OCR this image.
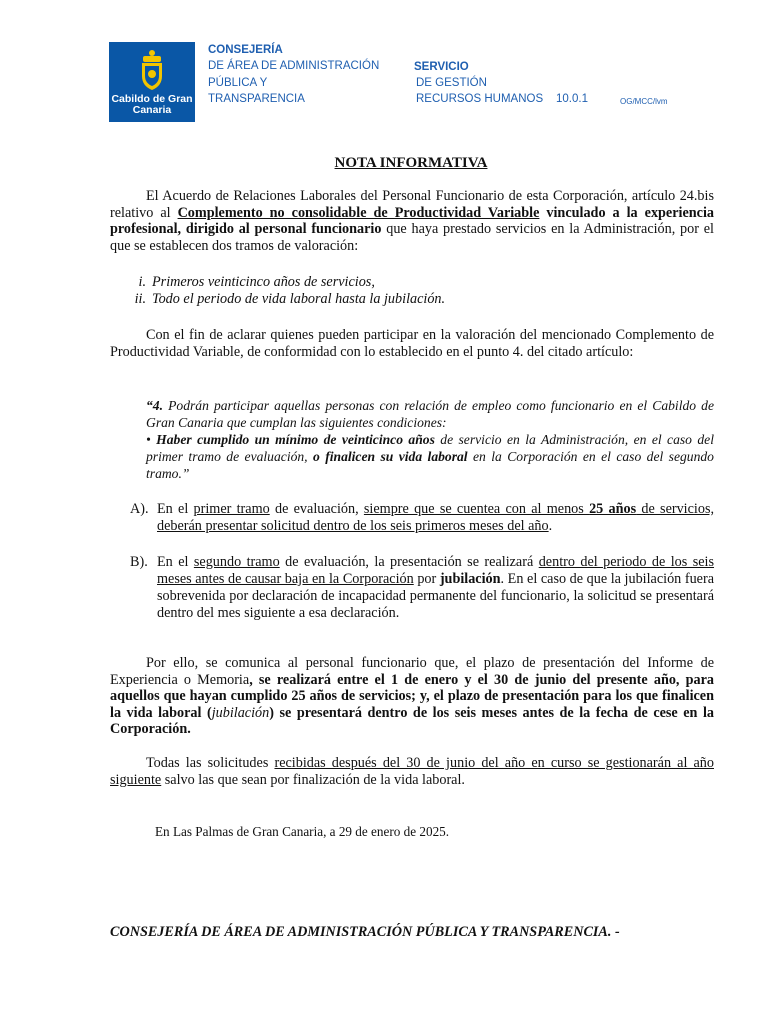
Cabildo de Gran Canaria
CONSEJERÍA
DE ÁREA DE ADMINISTRACIÓN
PÚBLICA Y
TRANSPARENCIA
SERVICIO
DE GESTIÓN
RECURSOS HUMANOS 10.0.1	OG/MCC/lvm
NOTA INFORMATIVA

El Acuerdo de Relaciones Laborales del Personal Funcionario de esta Corporación, artículo 24.bis relativo al Complemento no consolidable de Productividad Variable vinculado a la experiencia profesional, dirigido al personal funcionario que haya prestado servicios en la Administración, por el que se establecen dos tramos de valoración:

i. Primeros veinticinco años de servicios,
ii. Todo el periodo de vida laboral hasta la jubilación.

Con el fin de aclarar quienes pueden participar en la valoración del mencionado Complemento de Productividad Variable, de conformidad con lo establecido en el punto 4. del citado artículo:

“4. Podrán participar aquellas personas con relación de empleo como funcionario en el Cabildo de Gran Canaria que cumplan las siguientes condiciones:
• Haber cumplido un mínimo de veinticinco años de servicio en la Administración, en el caso del primer tramo de evaluación, o finalicen su vida laboral en la Corporación en el caso del segundo tramo.”

A). En el primer tramo de evaluación, siempre que se cuentea con al menos 25 años de servicios, deberán presentar solicitud dentro de los seis primeros meses del año.
B). En el segundo tramo de evaluación, la presentación se realizará dentro del periodo de los seis meses antes de causar baja en la Corporación por jubilación. En el caso de que la jubilación fuera sobrevenida por declaración de incapacidad permanente del funcionario, la solicitud se presentará dentro del mes siguiente a esa declaración.

Por ello, se comunica al personal funcionario que, el plazo de presentación del Informe de Experiencia o Memoria, se realizará entre el 1 de enero y el 30 de junio del presente año, para aquellos que hayan cumplido 25 años de servicios; y, el plazo de presentación para los que finalicen la vida laboral (jubilación) se presentará dentro de los seis meses antes de la fecha de cese en la Corporación.

Todas las solicitudes recibidas después del 30 de junio del año en curso se gestionarán al año siguiente salvo las que sean por finalización de la vida laboral.

En Las Palmas de Gran Canaria, a 29 de enero de 2025.
CONSEJERÍA DE ÁREA DE ADMINISTRACIÓN PÚBLICA Y TRANSPARENCIA. -
